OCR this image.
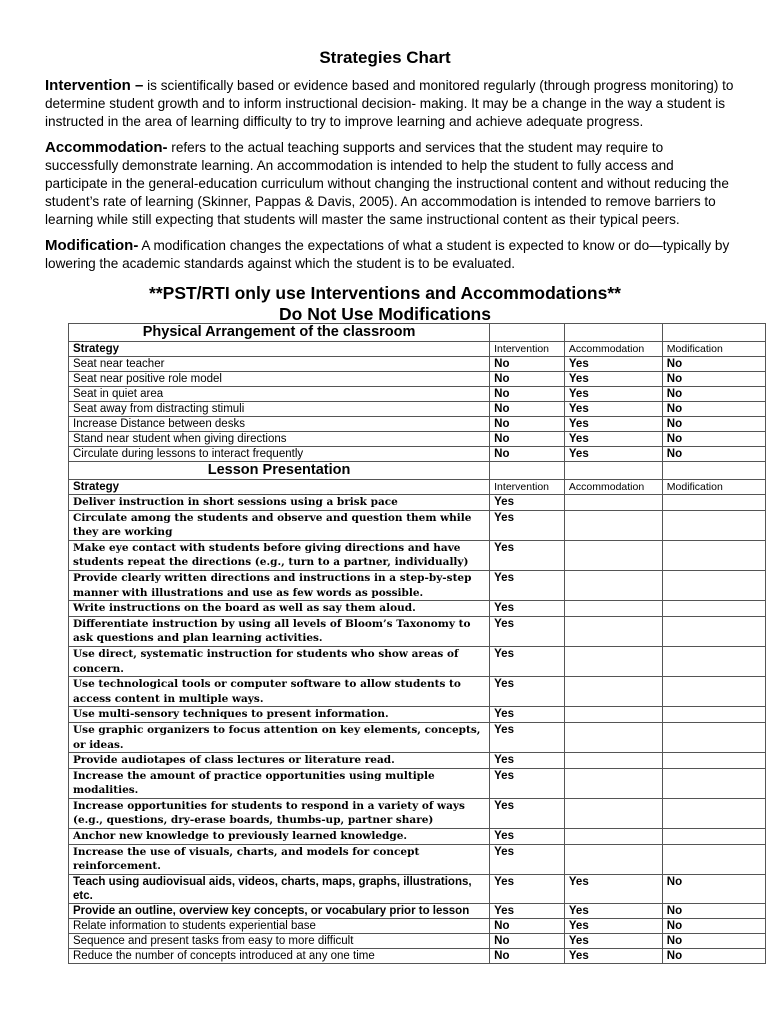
Strategies Chart
Intervention – is scientifically based or evidence based and monitored regularly (through progress monitoring) to determine student growth and to inform instructional decision- making. It may be a change in the way a student is instructed in the area of learning difficulty to try to improve learning and achieve adequate progress.
Accommodation- refers to the actual teaching supports and services that the student may require to successfully demonstrate learning. An accommodation is intended to help the student to fully access and participate in the general-education curriculum without changing the instructional content and without reducing the student’s rate of learning (Skinner, Pappas & Davis, 2005). An accommodation is intended to remove barriers to learning while still expecting that students will master the same instructional content as their typical peers.
Modification- A modification changes the expectations of what a student is expected to know or do—typically by lowering the academic standards against which the student is to be evaluated.
**PST/RTI only use Interventions and Accommodations**
Do Not Use Modifications
Physical Arrangement of the classroom			
Strategy	Intervention	Accommodation	Modification
Seat near teacher	No	Yes	No
Seat near positive role model	No	Yes	No
Seat in quiet area	No	Yes	No
Seat away from distracting stimuli	No	Yes	No
Increase Distance between desks	No	Yes	No
Stand near student when giving directions	No	Yes	No
Circulate during lessons to interact frequently	No	Yes	No
Lesson Presentation			
Strategy	Intervention	Accommodation	Modification
Deliver instruction in short sessions using a brisk pace	Yes		
Circulate among the students and observe and question them while they are working	Yes		
Make eye contact with students before giving directions and have students repeat the directions (e.g., turn to a partner, individually)	Yes		
Provide clearly written directions and instructions in a step-by-step manner with illustrations and use as few words as possible.	Yes		
Write instructions on the board as well as say them aloud.	Yes		
Differentiate instruction by using all levels of Bloom’s Taxonomy to ask questions and plan learning activities.	Yes		
Use direct, systematic instruction for students who show areas of concern.	Yes		
Use technological tools or computer software to allow students to access content in multiple ways.	Yes		
Use multi-sensory techniques to present information.	Yes		
Use graphic organizers to focus attention on key elements, concepts, or ideas.	Yes		
Provide audiotapes of class lectures or literature read.	Yes		
Increase the amount of practice opportunities using multiple modalities.	Yes		
Increase opportunities for students to respond in a variety of ways (e.g., questions, dry-erase boards, thumbs-up, partner share)	Yes		
Anchor new knowledge to previously learned knowledge.	Yes		
Increase the use of visuals, charts, and models for concept reinforcement.	Yes		
Teach using audiovisual aids, videos, charts, maps, graphs, illustrations, etc.	Yes	Yes	No
Provide an outline, overview key concepts, or vocabulary prior to lesson	Yes	Yes	No
Relate information to students experiential base	No	Yes	No
Sequence and present tasks from easy to more difficult	No	Yes	No
Reduce the number of concepts introduced at any one time	No	Yes	No
